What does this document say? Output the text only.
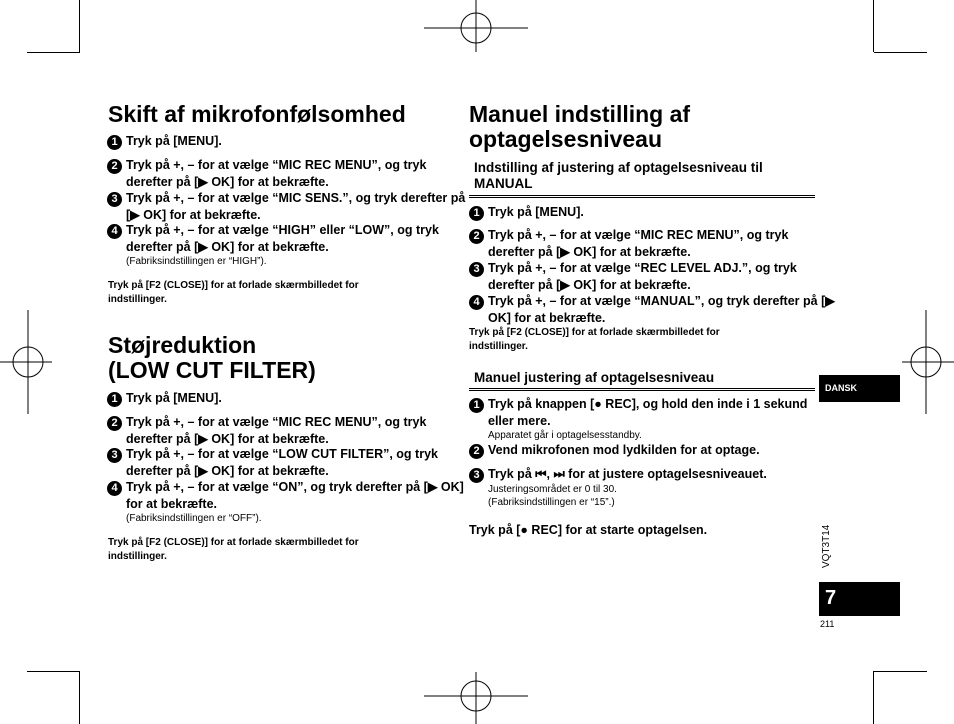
Skift af mikrofonfølsomhed
1 Tryk på [MENU].
2 Tryk på +, – for at vælge “MIC REC MENU”, og tryk derefter på [▶ OK] for at bekræfte.
3 Tryk på +, – for at vælge “MIC SENS.”, og tryk derefter på [▶ OK] for at bekræfte.
4 Tryk på +, – for at vælge “HIGH” eller “LOW”, og tryk derefter på [▶ OK] for at bekræfte.
(Fabriksindstillingen er “HIGH”).
Tryk på [F2 (CLOSE)] for at forlade skærmbilledet for indstillinger.
Støjreduktion
(LOW CUT FILTER)
1 Tryk på [MENU].
2 Tryk på +, – for at vælge “MIC REC MENU”, og tryk derefter på [▶ OK] for at bekræfte.
3 Tryk på +, – for at vælge “LOW CUT FILTER”, og tryk derefter på [▶ OK] for at bekræfte.
4 Tryk på +, – for at vælge “ON”, og tryk derefter på [▶ OK] for at bekræfte.
(Fabriksindstillingen er “OFF”).
Tryk på [F2 (CLOSE)] for at forlade skærmbilledet for indstillinger.
Manuel indstilling af
optagelsesniveau
Indstilling af justering af optagelsesniveau til MANUAL
1 Tryk på [MENU].
2 Tryk på +, – for at vælge “MIC REC MENU”, og tryk derefter på [▶ OK] for at bekræfte.
3 Tryk på +, – for at vælge “REC LEVEL ADJ.”, og tryk derefter på [▶ OK] for at bekræfte.
4 Tryk på +, – for at vælge “MANUAL”, og tryk derefter på [▶ OK] for at bekræfte.
Tryk på [F2 (CLOSE)] for at forlade skærmbilledet for indstillinger.
Manuel justering af optagelsesniveau
1 Tryk på knappen [● REC], og hold den inde i 1 sekund eller mere.
Apparatet går i optagelsesstandby.
2 Vend mikrofonen mod lydkilden for at optage.
3 Tryk på ⏮, ⏭ for at justere optagelsesniveauet.
Justeringsområdet er 0 til 30.
(Fabriksindstillingen er “15”.)
Tryk på [● REC] for at starte optagelsen.
DANSK
VQT3T14
7
211
